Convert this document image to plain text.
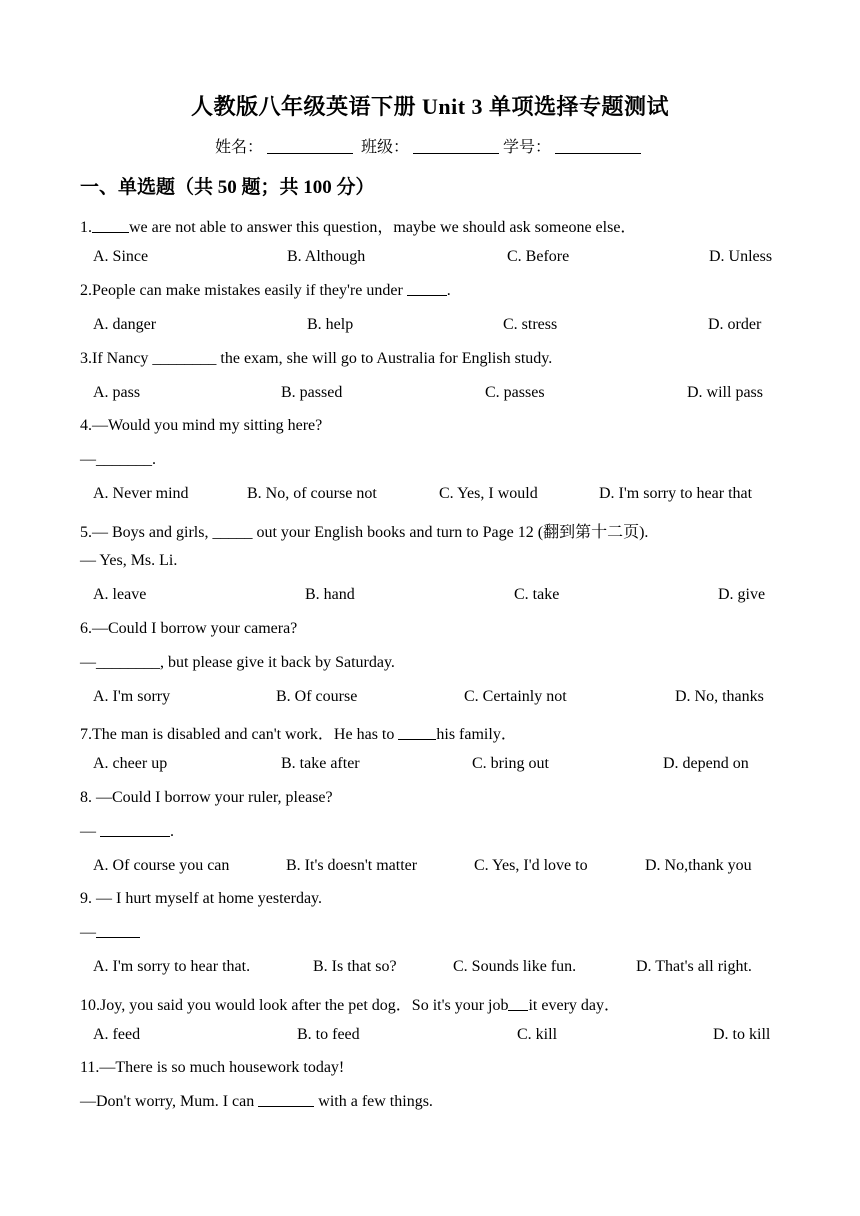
人教版八年级英语下册 Unit 3 单项选择专题测试
姓名：	班级：	学号：
一、单选题（共 50 题；共 100 分）
1. we are not able to answer this question，maybe we should ask someone else．
A. Since	B. Although	C. Before	D. Unless
2.People can make mistakes easily if they're under	.
A. danger	B. help	C. stress	D. order
3.If Nancy ________ the exam, she will go to Australia for English study.
A. pass	B. passed	C. passes	D. will pass
4.—Would you mind my sitting here?
—_______.
A. Never mind	B. No, of course not	C. Yes, I would	D. I'm sorry to hear that
5.— Boys and girls, _____ out your English books and turn to Page 12 (翻到第十二页).
— Yes, Ms. Li.
A. leave	B. hand	C. take	D. give
6.—Could I borrow your camera?
—________, but please give it back by Saturday.
A. I'm sorry	B. Of course	C. Certainly not	D. No, thanks
7.The man is disabled and can't work．He has to his family．
A. cheer up	B. take after	C. bring out	D. depend on
8. —Could I borrow your ruler, please?
—	.
A. Of course you can	B. It's doesn't matter	C. Yes, I'd love to	D. No,thank you
9. — I hurt myself at home yesterday.
—
A. I'm sorry to hear that.	B. Is that so?	C. Sounds like fun.	D. That's all right.
10.Joy, you said you would look after the pet dog．So it's your job it every day．
A. feed	B. to feed	C. kill	D. to kill
11.—There is so much housework today!
—Don't worry, Mum. I can	with a few things.
